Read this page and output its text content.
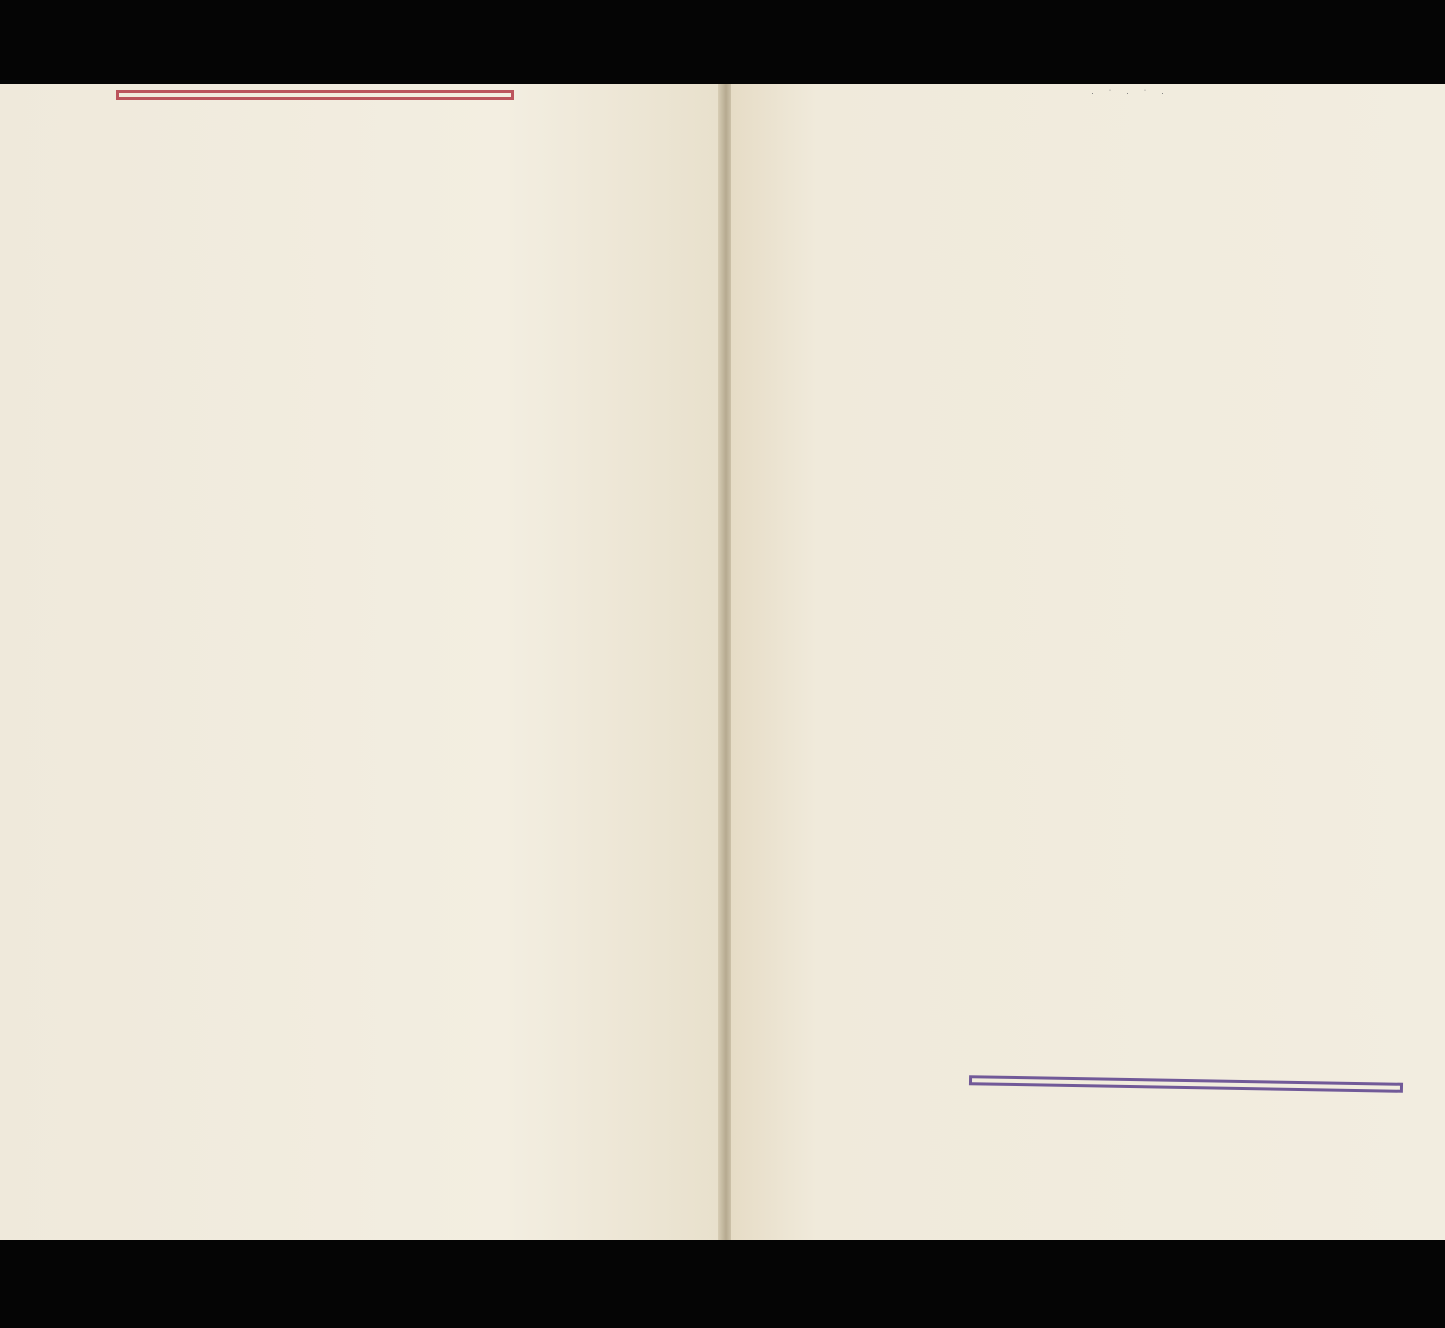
· ˈ · ˈ ·
